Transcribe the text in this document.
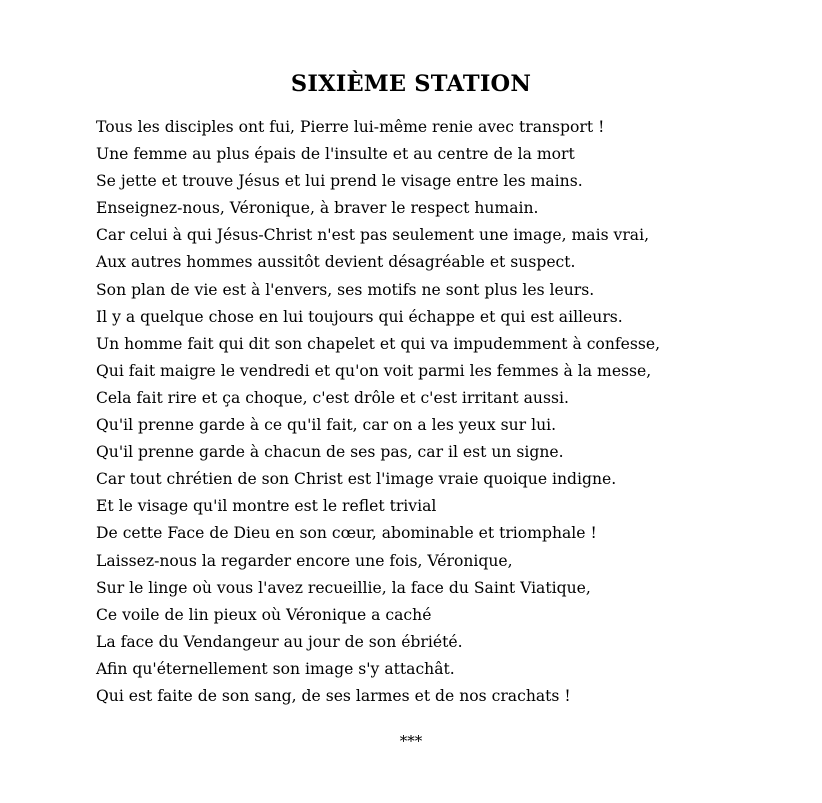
SIXIÈME STATION
Tous les disciples ont fui, Pierre lui-même renie avec transport !
Une femme au plus épais de l'insulte et au centre de la mort
Se jette et trouve Jésus et lui prend le visage entre les mains.
Enseignez-nous, Véronique, à braver le respect humain.
Car celui à qui Jésus-Christ n'est pas seulement une image, mais vrai,
Aux autres hommes aussitôt devient désagréable et suspect.
Son plan de vie est à l'envers, ses motifs ne sont plus les leurs.
Il y a quelque chose en lui toujours qui échappe et qui est ailleurs.
Un homme fait qui dit son chapelet et qui va impudemment à confesse,
Qui fait maigre le vendredi et qu'on voit parmi les femmes à la messe,
Cela fait rire et ça choque, c'est drôle et c'est irritant aussi.
Qu'il prenne garde à ce qu'il fait, car on a les yeux sur lui.
Qu'il prenne garde à chacun de ses pas, car il est un signe.
Car tout chrétien de son Christ est l'image vraie quoique indigne.
Et le visage qu'il montre est le reflet trivial
De cette Face de Dieu en son cœur, abominable et triomphale !
Laissez-nous la regarder encore une fois, Véronique,
Sur le linge où vous l'avez recueillie, la face du Saint Viatique,
Ce voile de lin pieux où Véronique a caché
La face du Vendangeur au jour de son ébriété.
Afin qu'éternellement son image s'y attachât.
Qui est faite de son sang, de ses larmes et de nos crachats !
***
